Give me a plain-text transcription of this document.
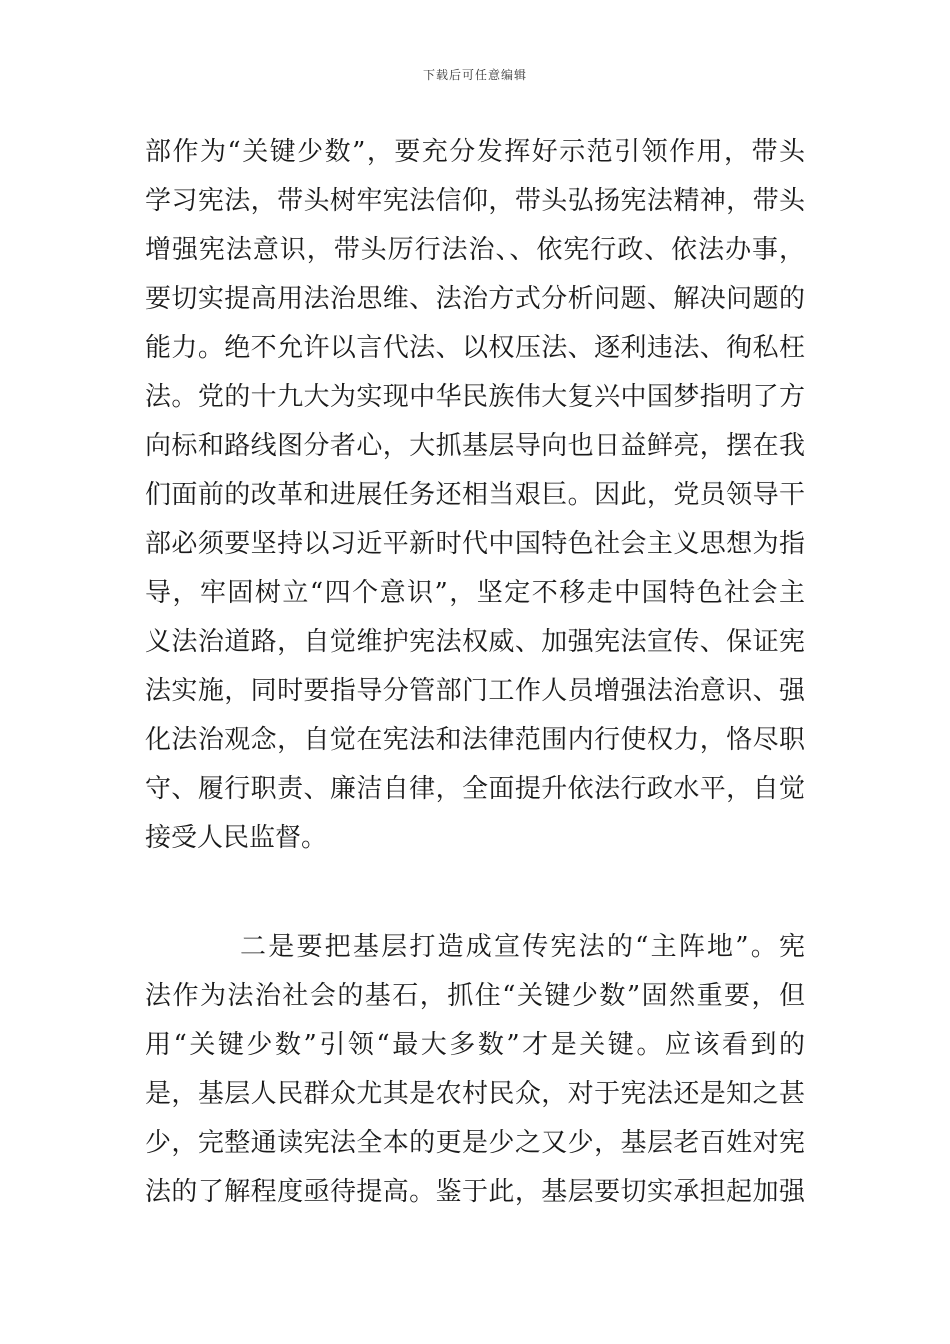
下载后可任意编辑
部作为“关键少数”，要充分发挥好示范引领作用，带头
学习宪法，带头树牢宪法信仰，带头弘扬宪法精神，带头
增强宪法意识，带头厉行法治、、依宪行政、依法办事，
要切实提高用法治思维、法治方式分析问题、解决问题的
能力。绝不允许以言代法、以权压法、逐利违法、徇私枉
法。党的十九大为实现中华民族伟大复兴中国梦指明了方
向标和路线图分者心，大抓基层导向也日益鲜亮，摆在我
们面前的改革和进展任务还相当艰巨。因此，党员领导干
部必须要坚持以习近平新时代中国特色社会主义思想为指
导，牢固树立“四个意识”，坚定不移走中国特色社会主
义法治道路，自觉维护宪法权威、加强宪法宣传、保证宪
法实施，同时要指导分管部门工作人员增强法治意识、强
化法治观念，自觉在宪法和法律范围内行使权力，恪尽职
守、履行职责、廉洁自律，全面提升依法行政水平，自觉
接受人民监督。
二是要把基层打造成宣传宪法的“主阵地”。宪
法作为法治社会的基石，抓住“关键少数”固然重要，但
用“关键少数”引领“最大多数”才是关键。应该看到的
是，基层人民群众尤其是农村民众，对于宪法还是知之甚
少，完整通读宪法全本的更是少之又少，基层老百姓对宪
法的了解程度亟待提高。鉴于此，基层要切实承担起加强
